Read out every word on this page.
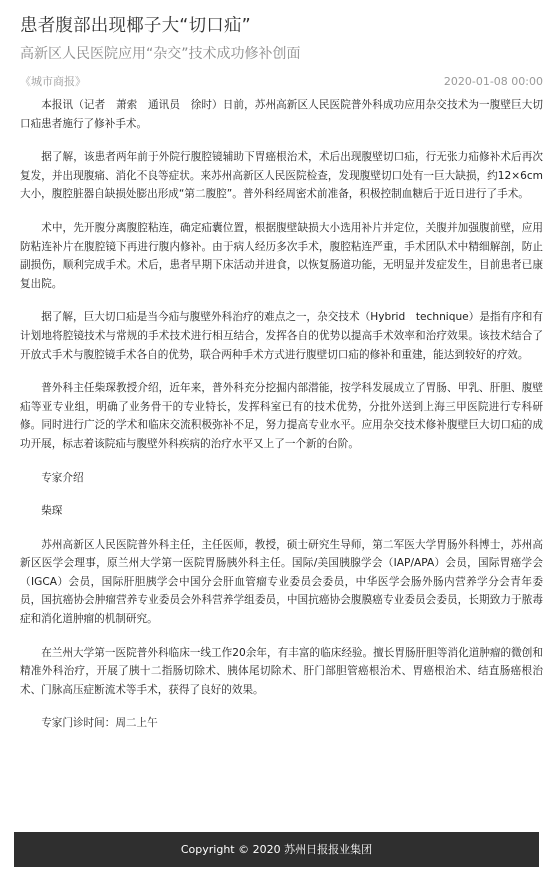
患者腹部出现椰子大“切口疝”
高新区人民医院应用“杂交”技术成功修补创面
《城市商报》	2020-01-08 00:00

本报讯（记者　萧索　通讯员　徐时）日前，苏州高新区人民医院普外科成功应用杂交技术为一腹壁巨大切口疝患者施行了修补手术。

据了解，该患者两年前于外院行腹腔镜辅助下胃癌根治术，术后出现腹壁切口疝，行无张力疝修补术后再次复发，并出现腹痛、消化不良等症状。来苏州高新区人民医院检查，发现腹壁切口处有一巨大缺损，约12×6cm大小，腹腔脏器自缺损处膨出形成“第二腹腔”。普外科经周密术前准备，积极控制血糖后于近日进行了手术。

术中，先开腹分离腹腔粘连，确定疝囊位置，根据腹壁缺损大小选用补片并定位，关腹并加强腹前壁，应用防粘连补片在腹腔镜下再进行腹内修补。由于病人经历多次手术，腹腔粘连严重，手术团队术中精细解剖，防止副损伤，顺利完成手术。术后，患者早期下床活动并进食，以恢复肠道功能，无明显并发症发生，目前患者已康复出院。

据了解，巨大切口疝是当今疝与腹壁外科治疗的难点之一，杂交技术（Hybrid　technique）是指有序和有计划地将腔镜技术与常规的手术技术进行相互结合，发挥各自的优势以提高手术效率和治疗效果。该技术结合了开放式手术与腹腔镜手术各自的优势，联合两种手术方式进行腹壁切口疝的修补和重建，能达到较好的疗效。

普外科主任柴琛教授介绍，近年来，普外科充分挖掘内部潜能，按学科发展成立了胃肠、甲乳、肝胆、腹壁疝等亚专业组，明确了业务骨干的专业特长，发挥科室已有的技术优势，分批外送到上海三甲医院进行专科研修。同时进行广泛的学术和临床交流积极弥补不足，努力提高专业水平。应用杂交技术修补腹壁巨大切口疝的成功开展，标志着该院疝与腹壁外科疾病的治疗水平又上了一个新的台阶。

专家介绍

柴琛

苏州高新区人民医院普外科主任，主任医师，教授，硕士研究生导师，第二军医大学胃肠外科博士，苏州高新区医学会理事，原兰州大学第一医院胃肠胰外科主任。国际/美国胰腺学会（IAP/APA）会员，国际胃癌学会（IGCA）会员，国际肝胆胰学会中国分会肝血管瘤专业委员会委员，中华医学会肠外肠内营养学分会青年委员，国抗癌协会肿瘤营养专业委员会外科营养学组委员，中国抗癌协会腹膜癌专业委员会委员，长期致力于脓毒症和消化道肿瘤的机制研究。

在兰州大学第一医院普外科临床一线工作20余年，有丰富的临床经验。擅长胃肠肝胆等消化道肿瘤的微创和精准外科治疗，开展了胰十二指肠切除术、胰体尾切除术、肝门部胆管癌根治术、胃癌根治术、结直肠癌根治术、门脉高压症断流术等手术，获得了良好的效果。

专家门诊时间：周二上午

Copyright © 2020 苏州日报报业集团
